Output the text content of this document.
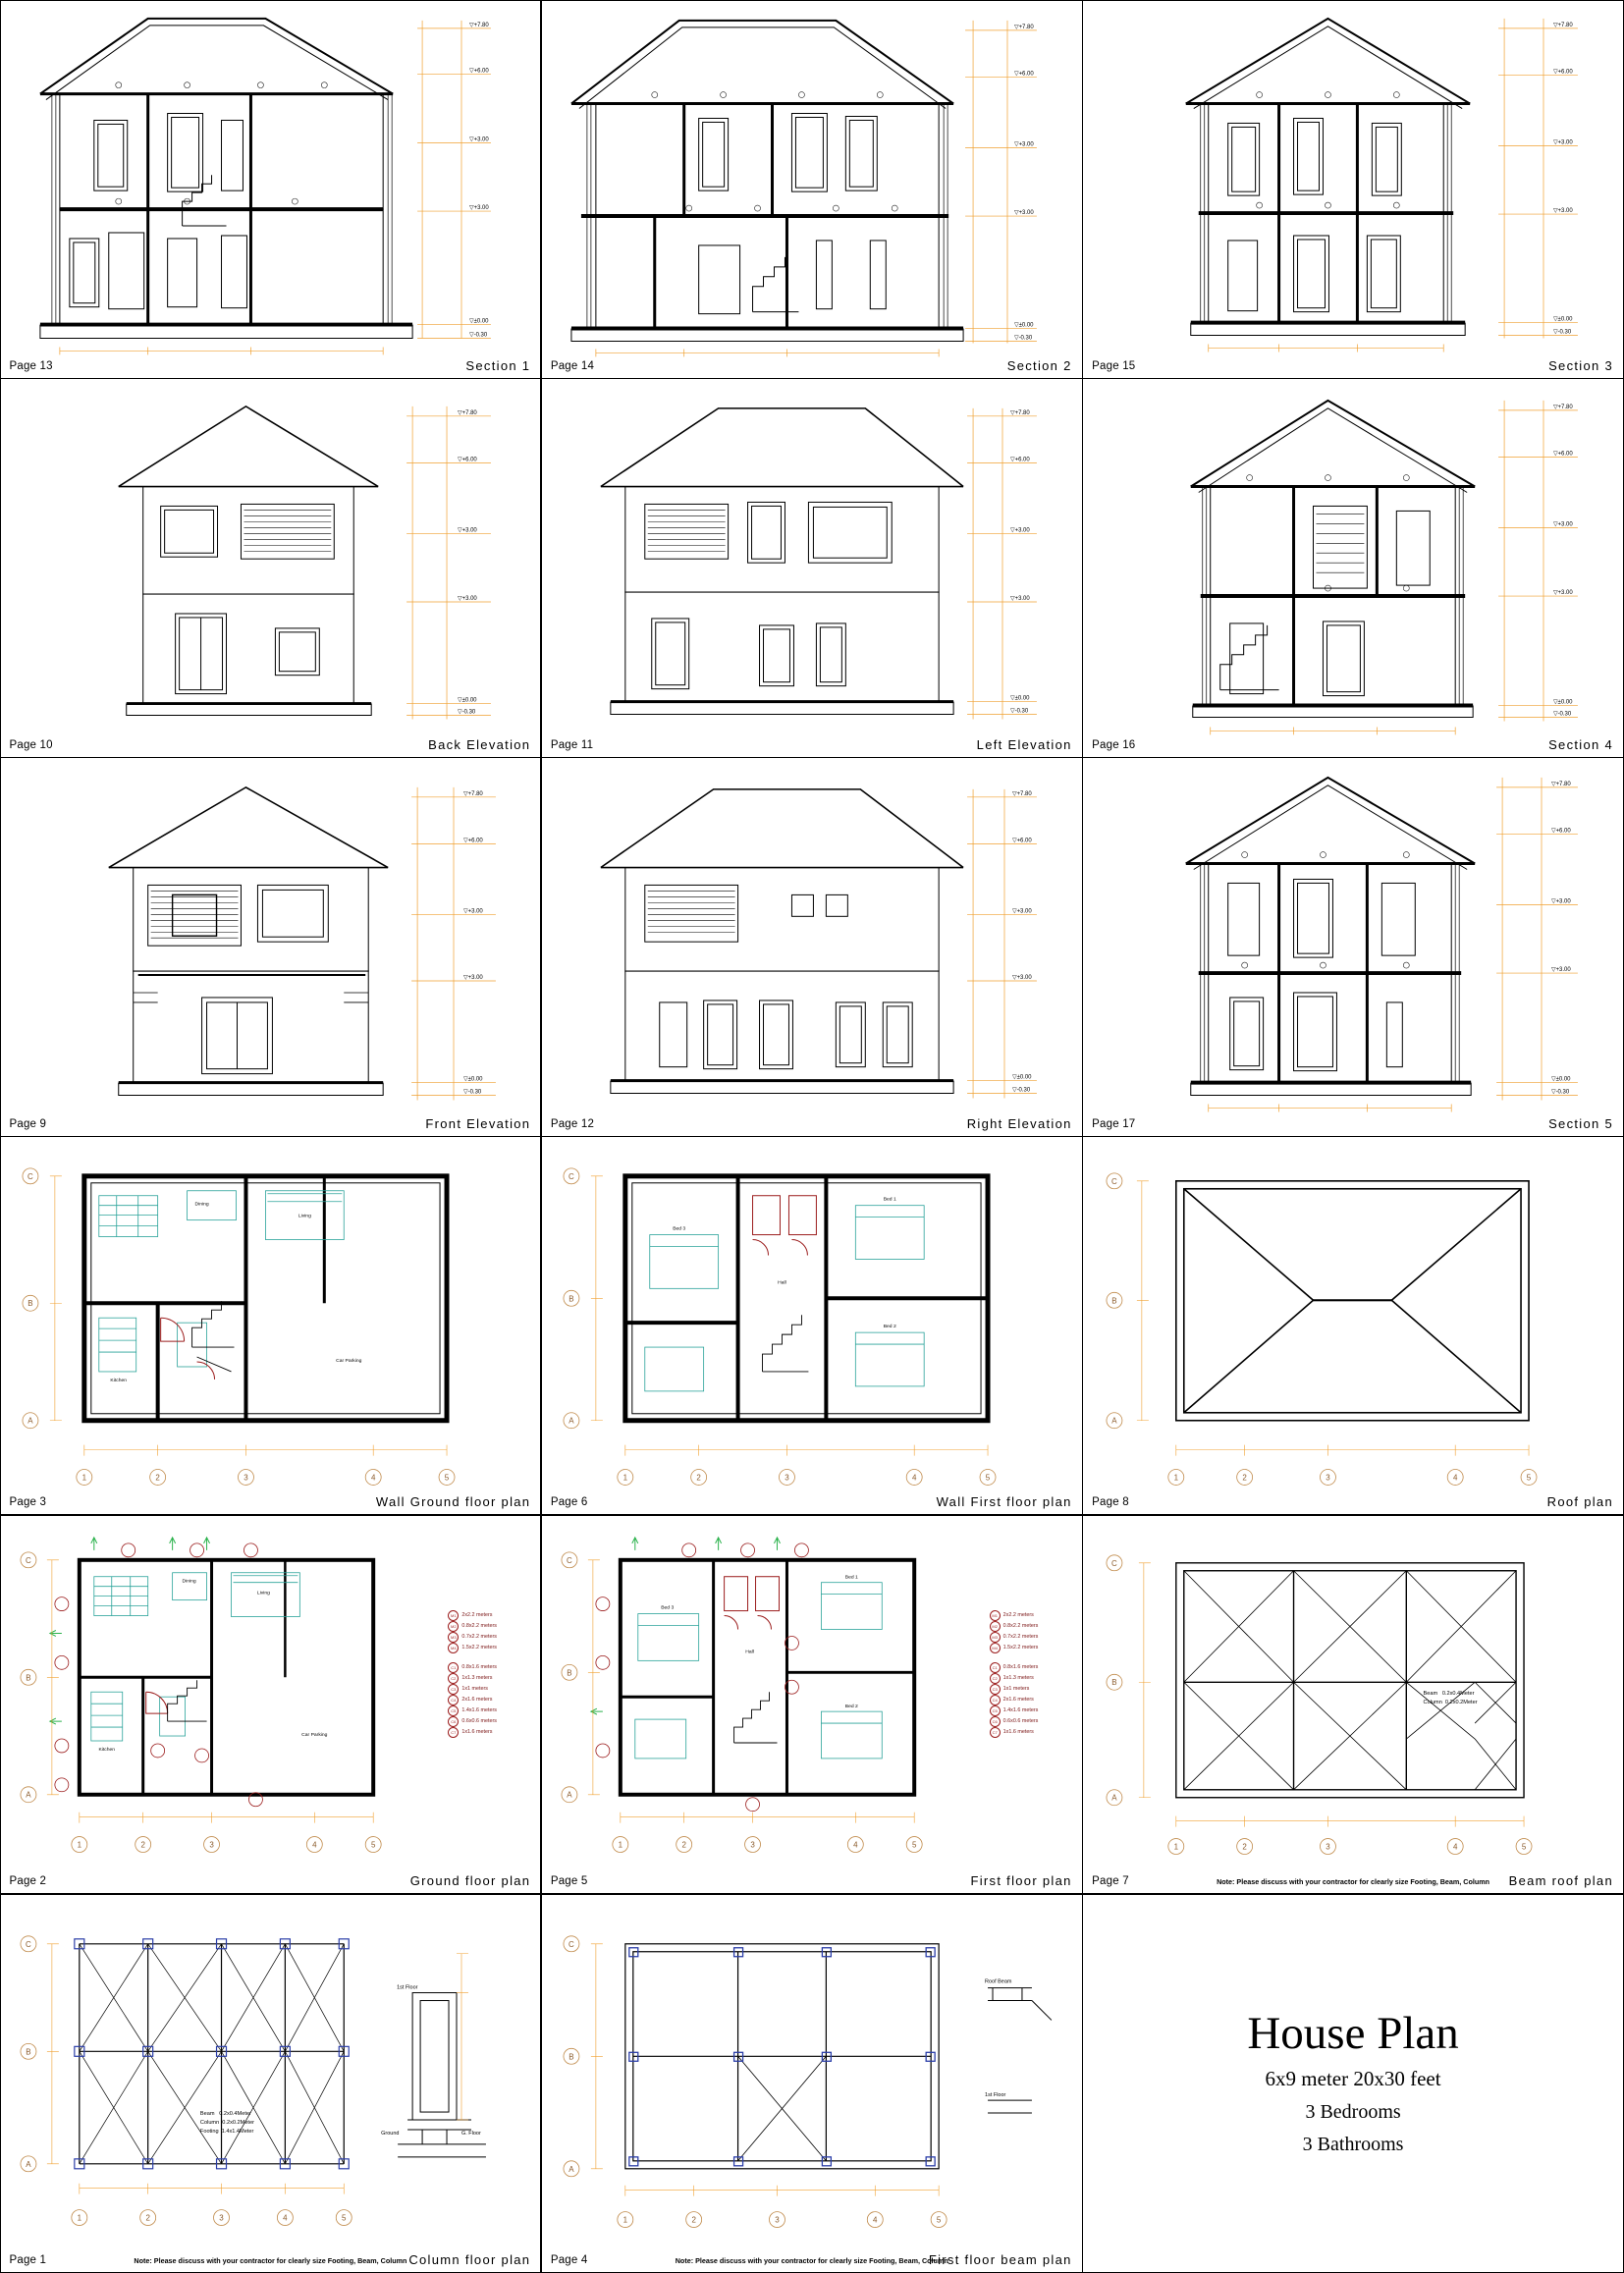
▽+7.80
▽+6.00
▽+3.00
▽+3.00
▽±0.00
▽-0.30
Page 13	Section 1
▽+7.80
▽+6.00
▽+3.00
▽+3.00
▽±0.00
▽-0.30
Page 14	Section 2
▽+7.80
▽+6.00
▽+3.00
▽+3.00
▽±0.00
▽-0.30
Page 15	Section 3
▽+7.80
▽+6.00
▽+3.00
▽+3.00
▽±0.00
▽-0.30
Page 10	Back Elevation
▽+7.80
▽+6.00
▽+3.00
▽+3.00
▽±0.00
▽-0.30
Page 11	Left Elevation
▽+7.80
▽+6.00
▽+3.00
▽+3.00
▽±0.00
▽-0.30
Page 16	Section 4
▽+7.80
▽+6.00
▽+3.00
▽+3.00
▽±0.00
▽-0.30
Page 9	Front Elevation
▽+7.80
▽+6.00
▽+3.00
▽+3.00
▽±0.00
▽-0.30
Page 12	Right Elevation
▽+7.80
▽+6.00
▽+3.00
▽+3.00
▽±0.00
▽-0.30
Page 17	Section 5
C
B
A
1	2	3	4	5
Dining
Living
Kitchen
Car Parking
Page 3	Wall Ground floor plan
C
B
A
1	2	3	4	5
Bed 1
Bed 2
Bed 3
Hall
Page 6	Wall First floor plan
C
B
A
1	2	3	4	5
Page 8	Roof plan
C
B
A
1	2	3	4	5
Dining
Living
Kitchen
Car Parking
M1	2x2.2 meters
M2	0.8x2.2 meters
M3	0.7x2.2 meters
M4	1.5x2.2 meters
C1	0.8x1.6 meters
C2	1x1.3 meters
C3	1x1 meters
C4	2x1.6 meters
C5	1.4x1.6 meters
C6	0.6x0.6 meters
C7	1x1.6 meters
Page 2	Ground floor plan
C
B
A
1	2	3	4	5
Bed 1
Bed 2
Bed 3
Hall
M1	2x2.2 meters
M2	0.8x2.2 meters
M3	0.7x2.2 meters
M4	1.5x2.2 meters
C1	0.8x1.6 meters
C2	1x1.3 meters
C3	1x1 meters
C4	2x1.6 meters
C5	1.4x1.6 meters
C6	0.6x0.6 meters
C7	1x1.6 meters
Page 5	First floor plan
C
B
A
1	2	3	4	5
Beam   0.2x0.4Meter
Column  0.2x0.2Meter
Page 7	Note: Please discuss with your contractor for clearly size Footing, Beam, Column Beam roof plan
C
B
A
1	2	3	4	5
1st Floor
Ground	G. Floor
Beam   0.2x0.4Meter
Column  0.2x0.2Meter
Footing  1.4x1.4Meter
Page 1	Note: Please discuss with your contractor for clearly size Footing, Beam, Column Column floor plan
C
B
A
1	2	3	4	5
Roof Beam
1st Floor
Page 4	Note: Please discuss with your contractor for clearly size Footing, Beam, Column
First floor beam plan
House Plan
6x9 meter 20x30 feet
3 Bedrooms
3 Bathrooms
